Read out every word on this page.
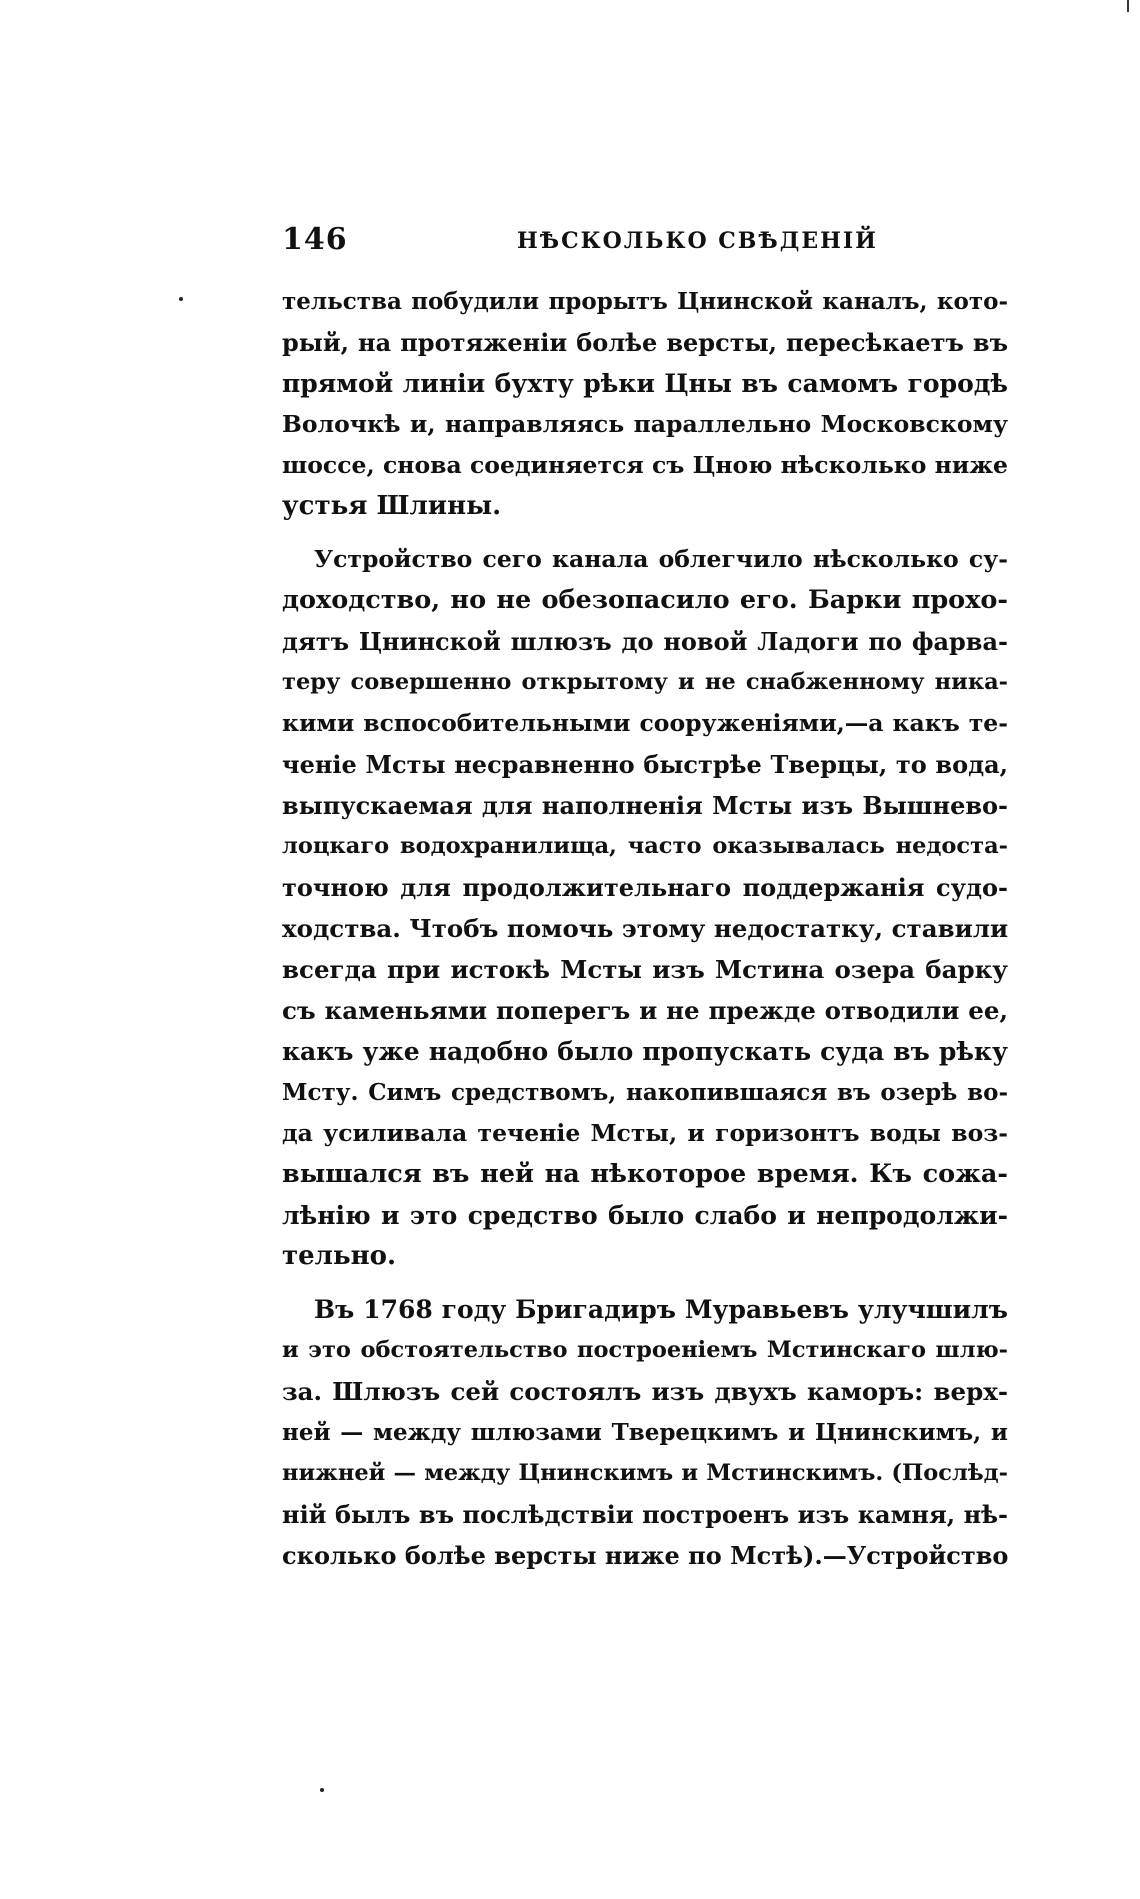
146	НѢСКОЛЬКО СВѢДЕНІЙ
тельства побудили прорытъ Цнинской каналъ, кото-
рый, на протяженіи болѣе версты, пересѣкаетъ въ
прямой линіи бухту рѣки Цны въ самомъ городѣ
Волочкѣ и, направляясь параллельно Московскому
шоссе, снова соединяется съ Цною нѣсколько ниже
устья Шлины.
Устройство сего канала облегчило нѣсколько су-
доходство, но не обезопасило его. Барки прохо-
дятъ Цнинской шлюзъ до новой Ладоги по фарва-
теру совершенно открытому и не снабженному ника-
кими вспособительными сооруженіями,—а какъ те-
ченіе Мсты несравненно быстрѣе Тверцы, то вода,
выпускаемая для наполненія Мсты изъ Вышнево-
лоцкаго водохранилища, часто оказывалась недоста-
точною для продолжительнаго поддержанія судо-
ходства. Чтобъ помочь этому недостатку, ставили
всегда при истокѣ Мсты изъ Мстина озера барку
съ каменьями поперегъ и не прежде отводили ее,
какъ уже надобно было пропускать суда въ рѣку
Мсту. Симъ средствомъ, накопившаяся въ озерѣ во-
да усиливала теченіе Мсты, и горизонтъ воды воз-
вышался въ ней на нѣкоторое время. Къ сожа-
лѣнію и это средство было слабо и непродолжи-
тельно.
Въ 1768 году Бригадиръ Муравьевъ улучшилъ
и это обстоятельство построеніемъ Мстинскаго шлю-
за. Шлюзъ сей состоялъ изъ двухъ каморъ: верх-
ней — между шлюзами Тверецкимъ и Цнинскимъ, и
нижней — между Цнинскимъ и Мстинскимъ. (Послѣд-
ній былъ въ послѣдствіи построенъ изъ камня, нѣ-
сколько болѣе версты ниже по Мстѣ).—Устройство
